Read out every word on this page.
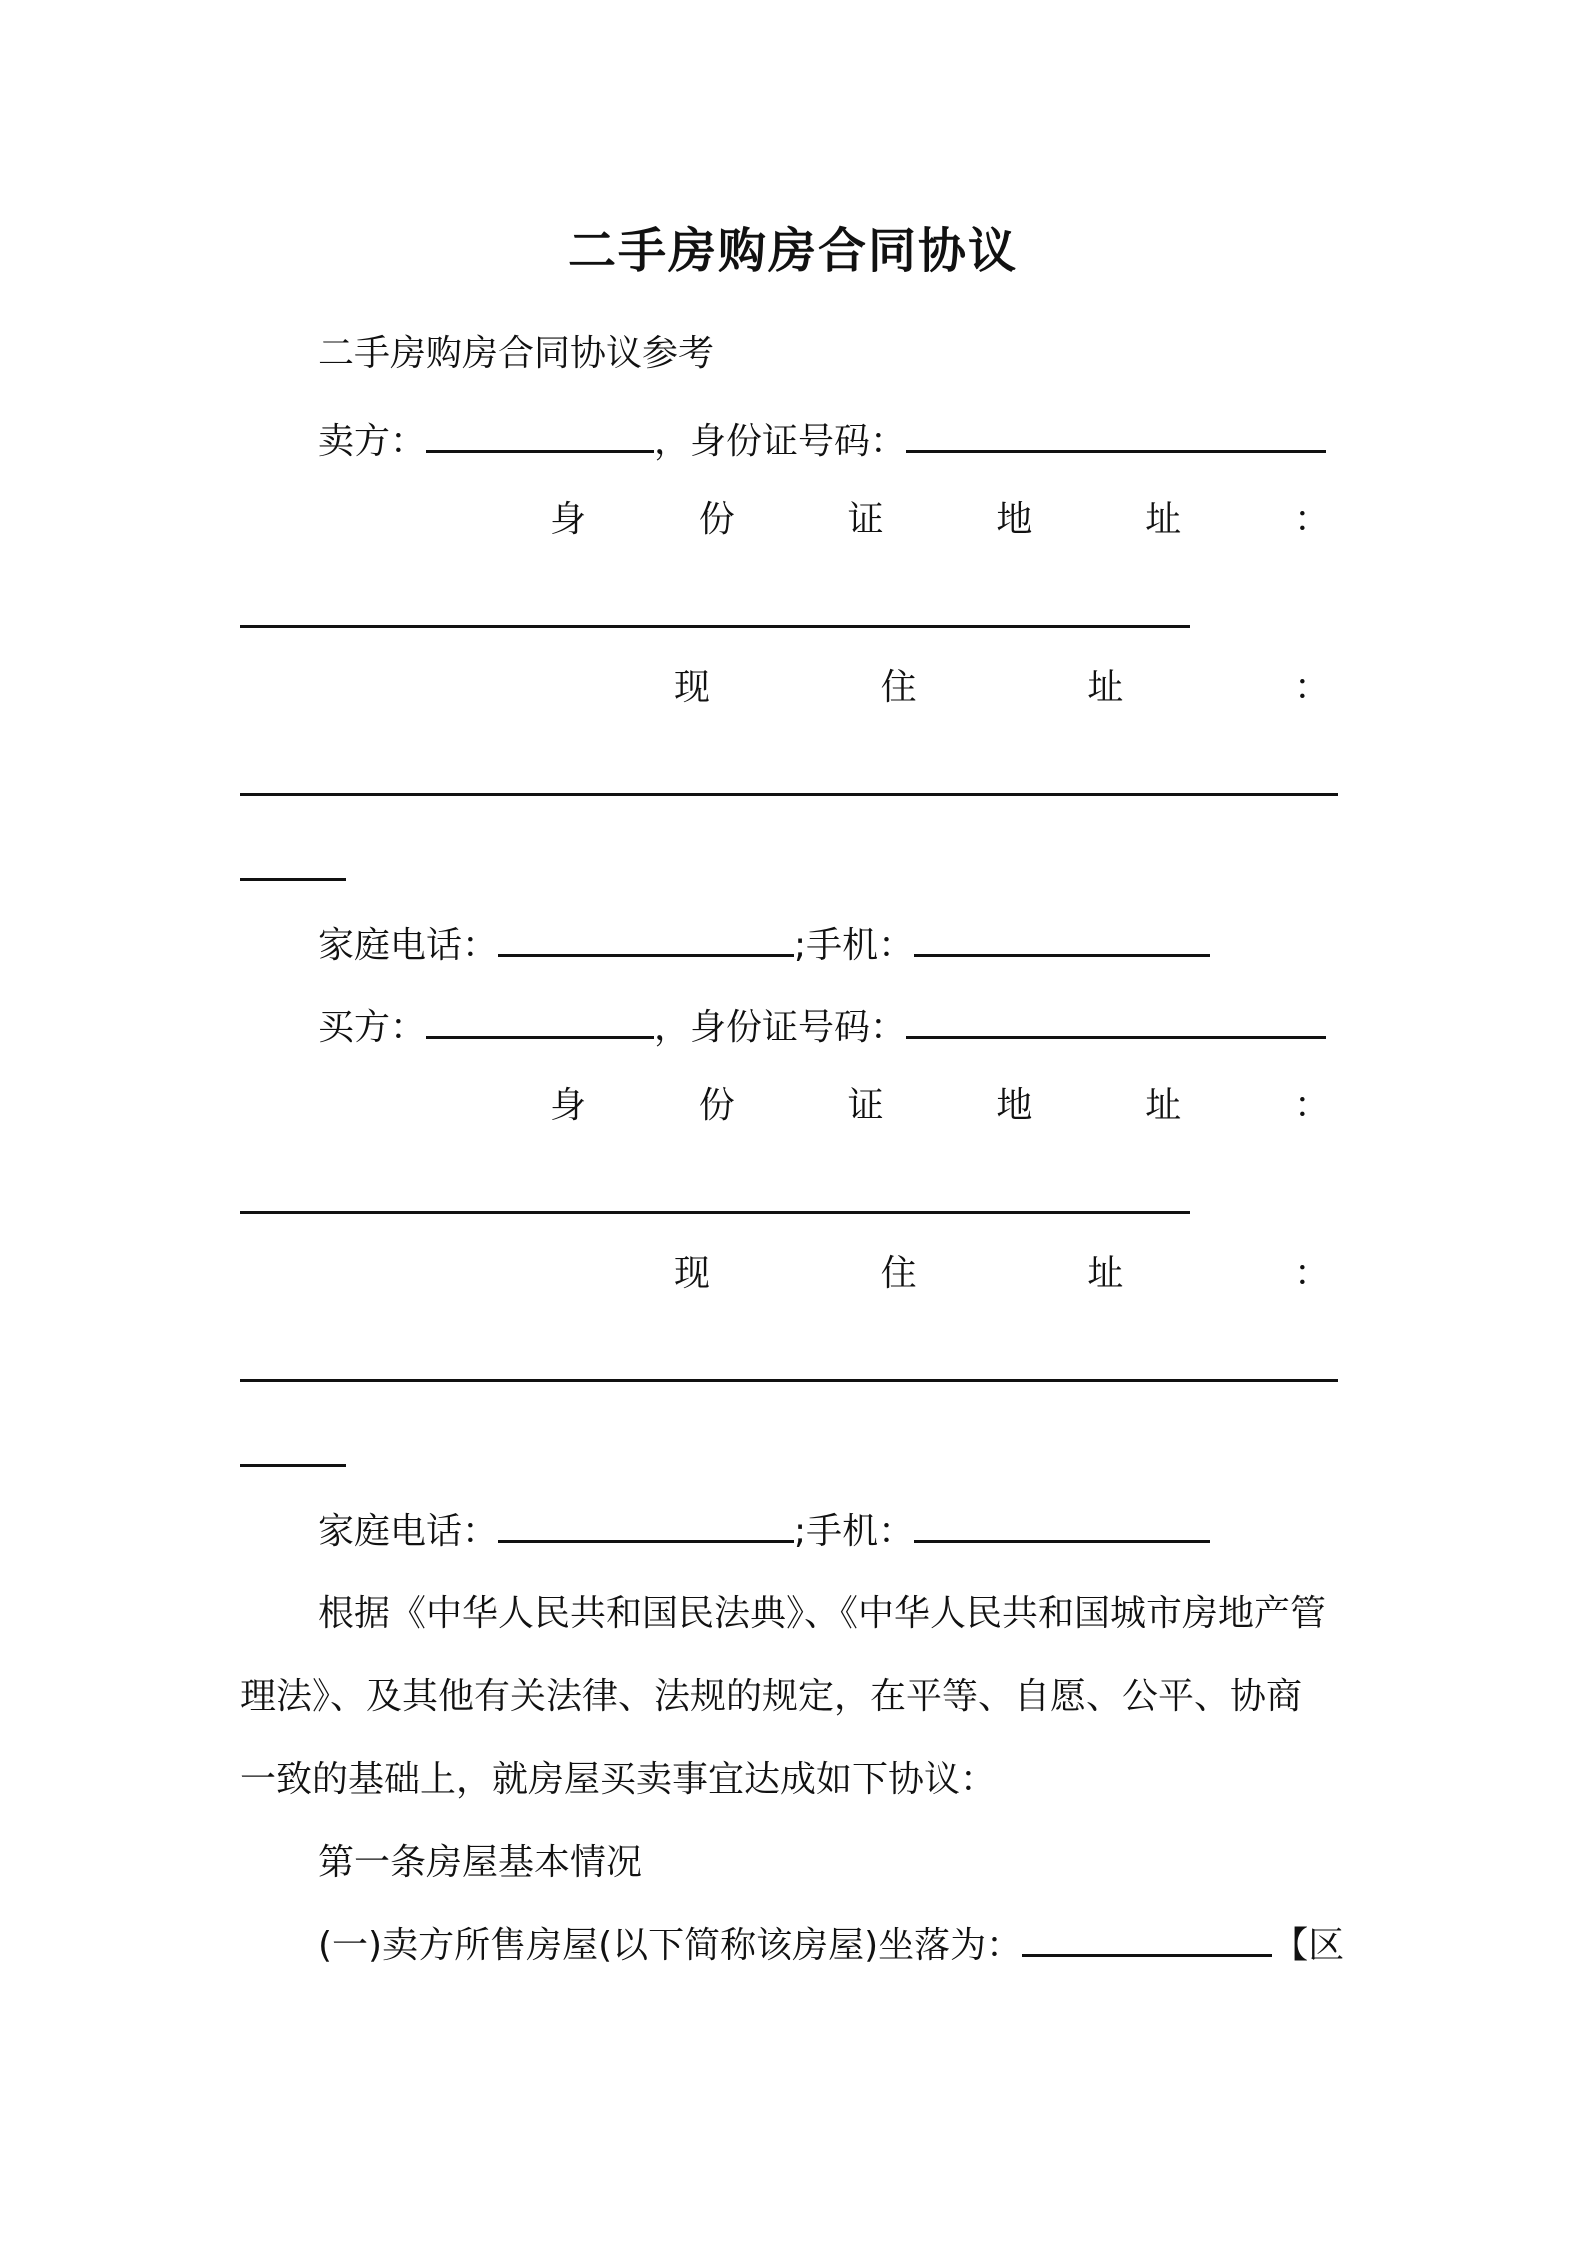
二手房购房合同协议
二手房购房合同协议参考
卖方：	，身份证号码：
身份证地址：
现住址：
家庭电话：	;手机：
买方：	，身份证号码：
身份证地址：
现住址：
家庭电话：	;手机：
根据《中华人民共和国民法典》、《中华人民共和国城市房地产管
理法》、及其他有关法律、法规的规定，在平等、自愿、公平、协商
一致的基础上，就房屋买卖事宜达成如下协议：
第一条房屋基本情况
(一)卖方所售房屋(以下简称该房屋)坐落为：	【区
